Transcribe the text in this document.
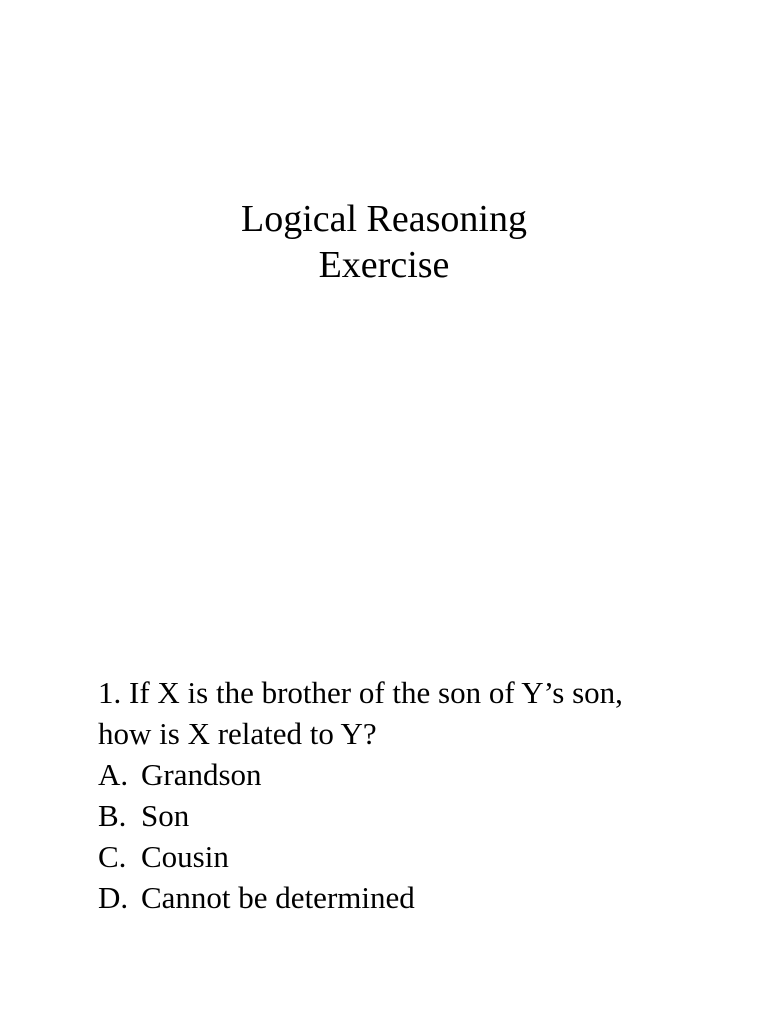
Logical Reasoning
Exercise
1. If X is the brother of the son of Y’s son,
how is X related to Y?
A. Grandson
B. Son
C. Cousin
D. Cannot be determined
